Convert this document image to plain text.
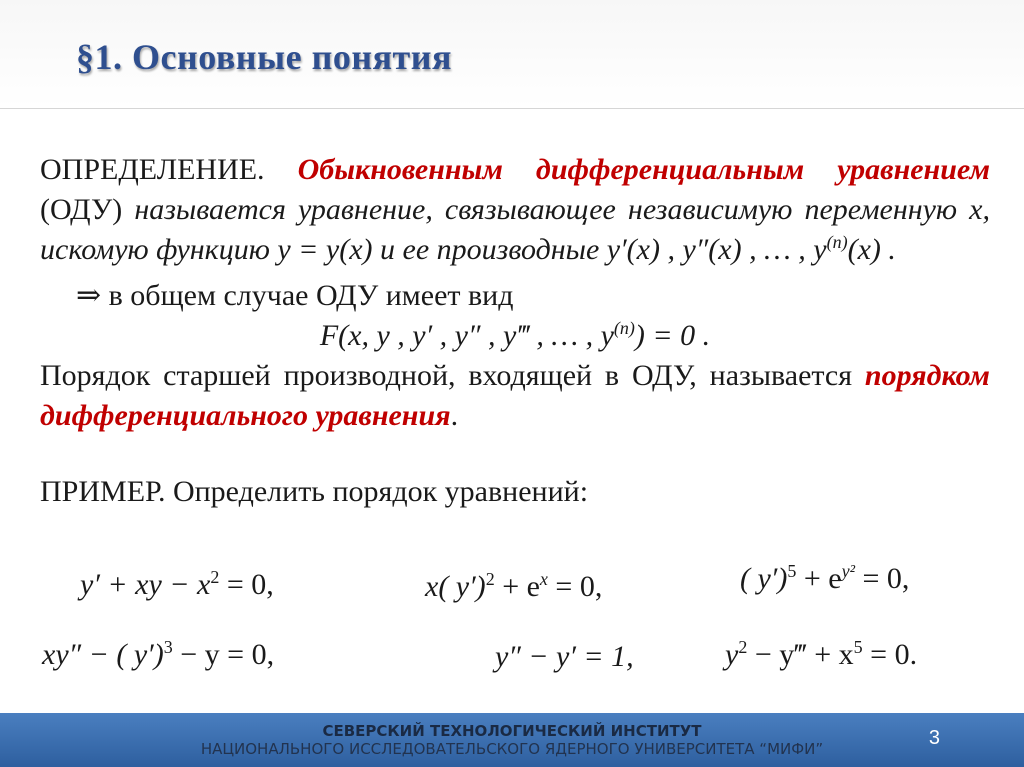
§1. Основные понятия
ОПРЕДЕЛЕНИЕ. Обыкновенным дифференциальным уравнением (ОДУ) называется уравнение, связывающее независимую переменную x, искомую функцию y = y(x) и ее производные y′(x) , y″(x) , … , $y^{(n)}(x)$ .
⇒ в общем случае ОДУ имеет вид
F(x, y , y′ , y″ , y‴ , … , $y^{(n)}) = 0$ .
Порядок старшей производной, входящей в ОДУ, называется порядком дифференциального уравнения.
ПРИМЕР. Определить порядок уравнений:
y′ + xy − $x^2 = 0$,	x( $y')^2 + e^x = 0$,	( $y')^5 + e^{y^2} = 0$,
xy″ − ( y′)$^3$ − y = 0,	y″ − y′ = 1,	$y^2$ − y‴ + $x^5 = 0$.
СЕВЕРСКИЙ ТЕХНОЛОГИЧЕСКИЙ ИНСТИТУТ
НАЦИОНАЛЬНОГО ИССЛЕДОВАТЕЛЬСКОГО ЯДЕРНОГО УНИВЕРСИТЕТА “МИФИ”	3
